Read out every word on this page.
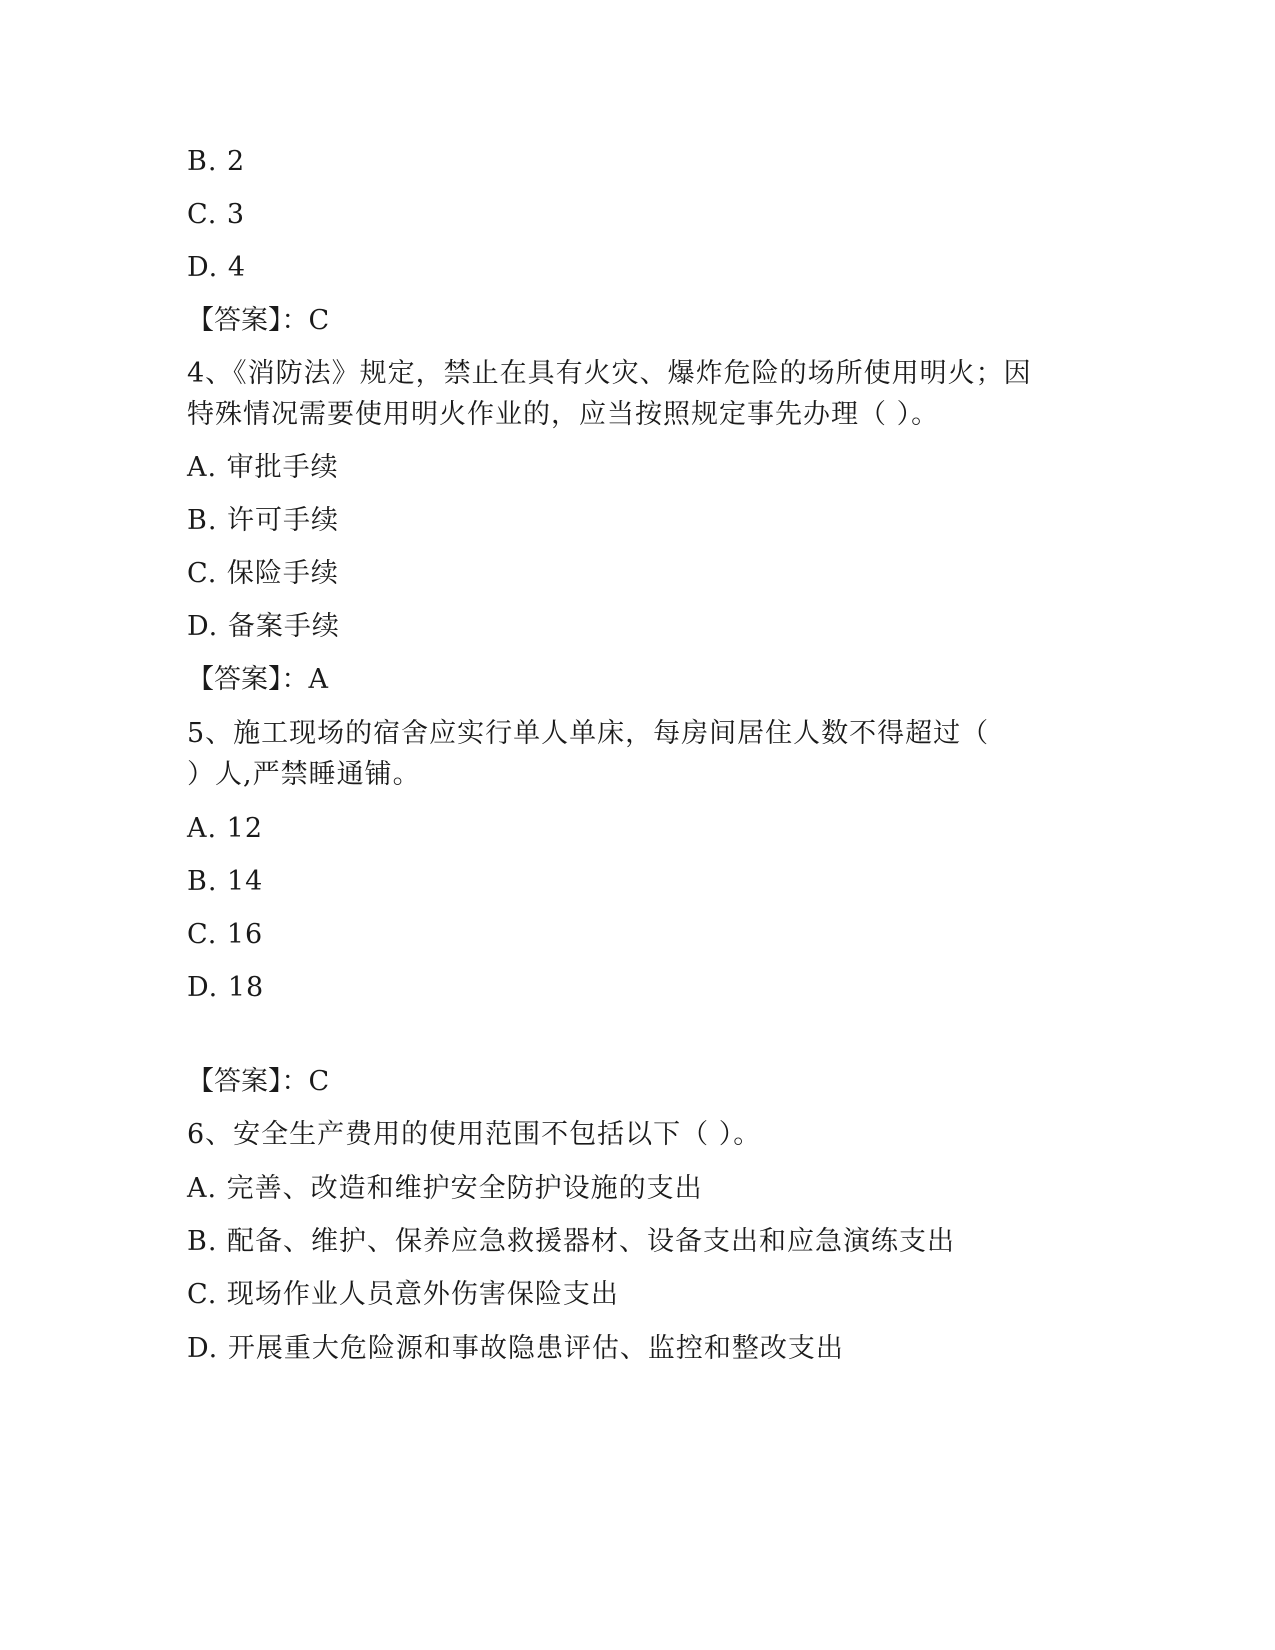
B. 2
C. 3
D. 4
【答案】：C
4、《消防法》规定，禁止在具有火灾、爆炸危险的场所使用明火；因
特殊情况需要使用明火作业的，应当按照规定事先办理（ ）。
A. 审批手续
B. 许可手续
C. 保险手续
D. 备案手续
【答案】：A
5、施工现场的宿舍应实行单人单床，每房间居住人数不得超过（
）人,严禁睡通铺。
A. 12
B. 14
C. 16
D. 18
【答案】：C
6、安全生产费用的使用范围不包括以下（ ）。
A. 完善、改造和维护安全防护设施的支出
B. 配备、维护、保养应急救援器材、设备支出和应急演练支出
C. 现场作业人员意外伤害保险支出
D. 开展重大危险源和事故隐患评估、监控和整改支出
